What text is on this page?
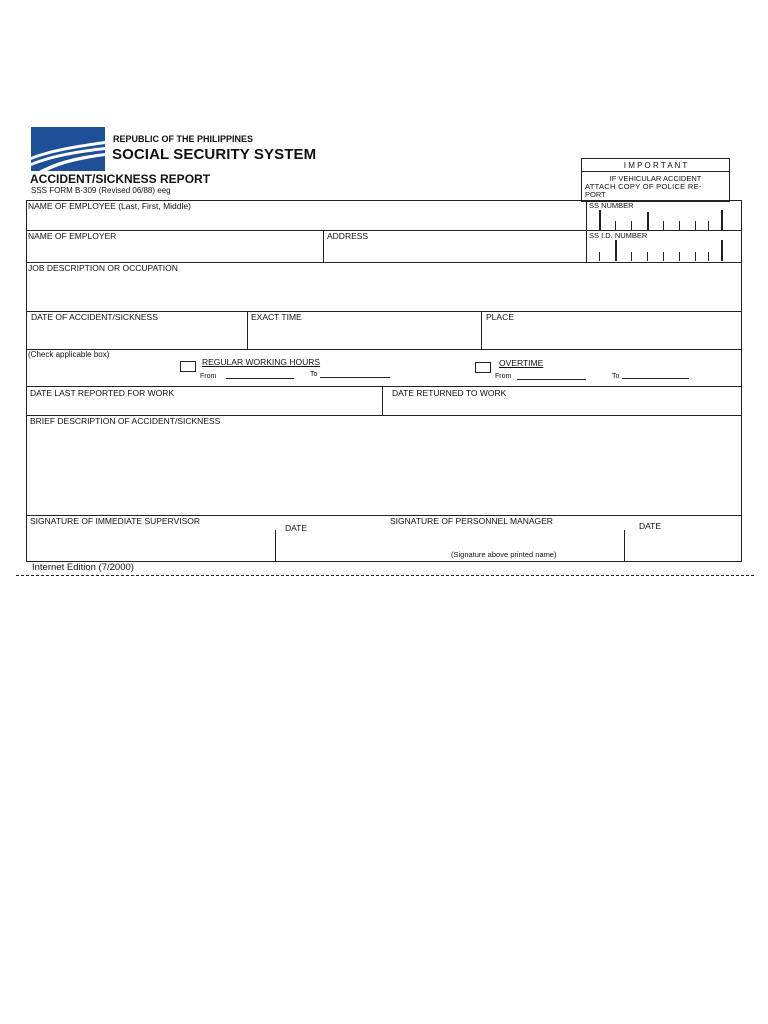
REPUBLIC OF THE PHILIPPINES
SOCIAL SECURITY SYSTEM
ACCIDENT/SICKNESS REPORT
SSS FORM B-309 (Revised 06/88) eeg
I M P O R T A N T
IF VEHICULAR ACCIDENT
ATTACH COPY OF POLICE RE-
PORT
NAME OF EMPLOYEE (Last, First, Middle)	SS NUMBER
NAME OF EMPLOYER	ADDRESS	SS I.D. NUMBER
JOB DESCRIPTION OR OCCUPATION
DATE OF ACCIDENT/SICKNESS	EXACT TIME	PLACE
(Check applicable box)
REGULAR WORKING HOURS
From	To
OVERTIME
From	To
DATE LAST REPORTED FOR WORK	DATE RETURNED TO WORK
BRIEF DESCRIPTION OF ACCIDENT/SICKNESS
SIGNATURE OF IMMEDIATE SUPERVISOR
DATE
SIGNATURE OF PERSONNEL MANAGER	DATE
(Signature above printed name)
Internet Edition (7/2000)
